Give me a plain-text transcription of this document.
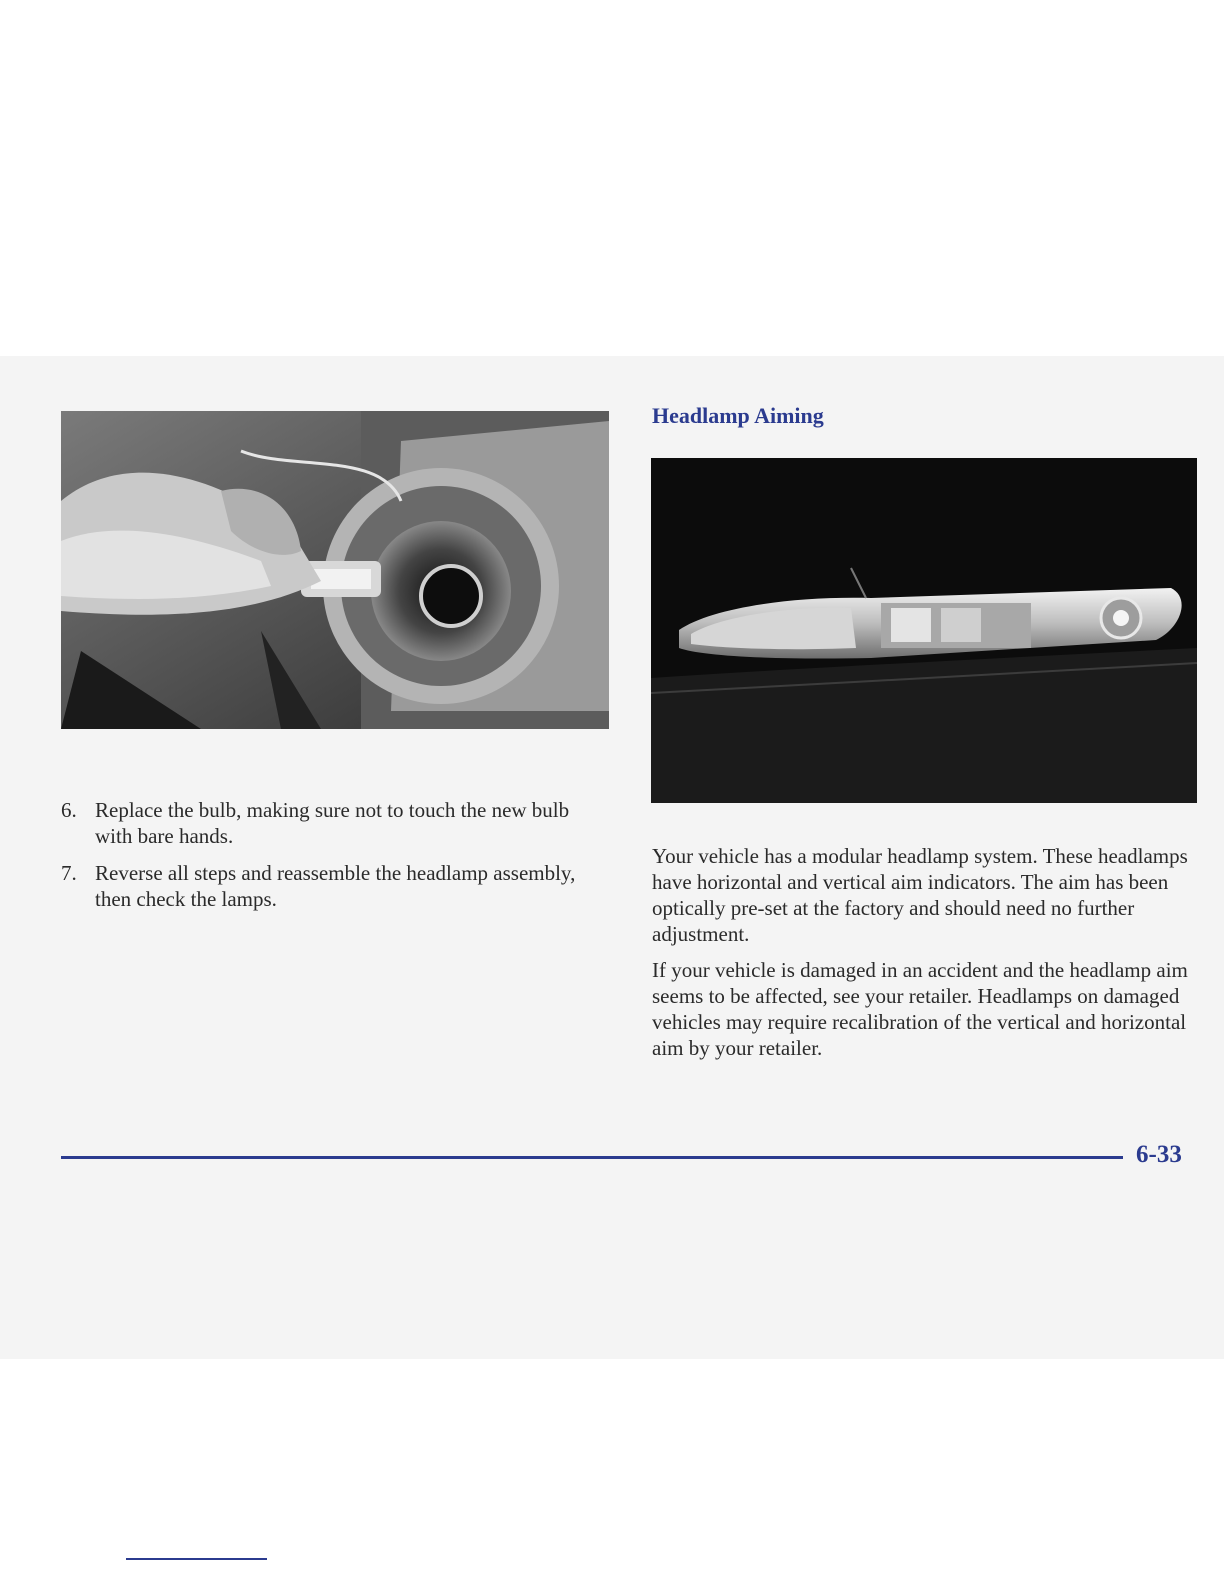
Headlamp Aiming
6. Replace the bulb, making sure not to touch the new bulb with bare hands.
7. Reverse all steps and reassemble the headlamp assembly, then check the lamps.

Your vehicle has a modular headlamp system. These headlamps have horizontal and vertical aim indicators. The aim has been optically pre-set at the factory and should need no further adjustment.

If your vehicle is damaged in an accident and the headlamp aim seems to be affected, see your retailer. Headlamps on damaged vehicles may require recalibration of the vertical and horizontal aim by your retailer.

6-33
